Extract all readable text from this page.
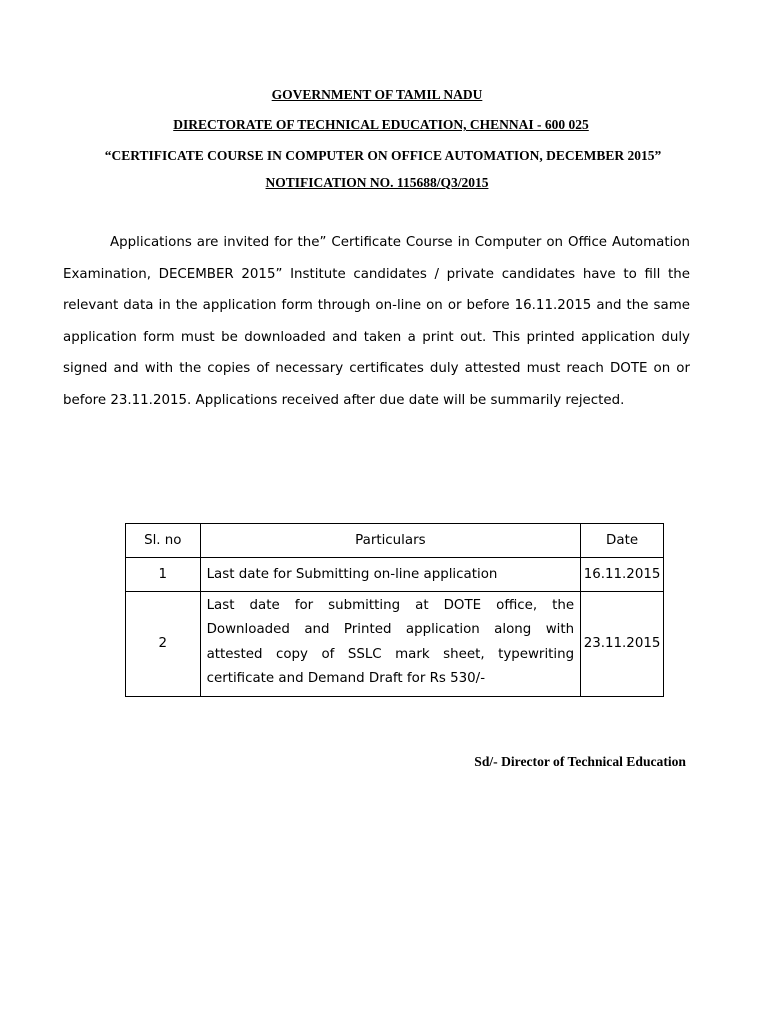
GOVERNMENT OF TAMIL NADU
DIRECTORATE OF TECHNICAL EDUCATION, CHENNAI - 600 025
“CERTIFICATE COURSE IN COMPUTER ON OFFICE AUTOMATION, DECEMBER 2015”
NOTIFICATION NO. 115688/Q3/2015

Applications are invited for the” Certificate Course in Computer on Office Automation Examination, DECEMBER 2015” Institute candidates / private candidates have to fill the relevant data in the application form through on-line on or before 16.11.2015 and the same application form must be downloaded and taken a print out. This printed application duly signed and with the copies of necessary certificates duly attested must reach DOTE on or before 23.11.2015. Applications received after due date will be summarily rejected.

Sl. no	Particulars	Date
1	Last date for Submitting on-line application	16.11.2015
2	Last date for submitting at DOTE office, the Downloaded and Printed application along with attested copy of SSLC mark sheet, typewriting certificate and Demand Draft for Rs 530/-	23.11.2015
Sd/- Director of Technical Education
